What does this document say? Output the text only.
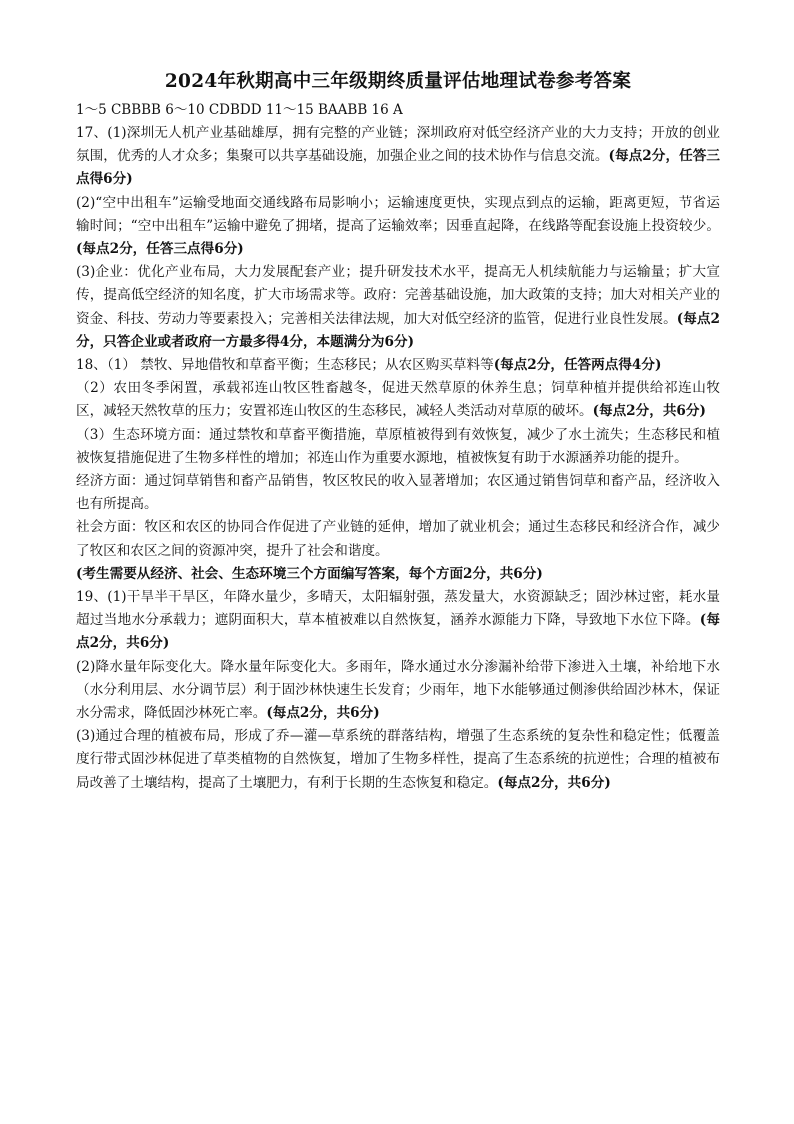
2024年秋期高中三年级期终质量评估地理试卷参考答案
1～5 CBBBB 6～10 CDBDD 11～15 BAABB 16 A

17、(1)深圳无人机产业基础雄厚，拥有完整的产业链；深圳政府对低空经济产业的大力支持；开放的创业氛围，优秀的人才众多；集聚可以共享基础设施，加强企业之间的技术协作与信息交流。(每点2分，任答三点得6分)

(2)“空中出租车”运输受地面交通线路布局影响小；运输速度更快，实现点到点的运输，距离更短，节省运输时间；“空中出租车”运输中避免了拥堵，提高了运输效率；因垂直起降，在线路等配套设施上投资较少。(每点2分，任答三点得6分)

(3)企业：优化产业布局，大力发展配套产业；提升研发技术水平，提高无人机续航能力与运输量；扩大宣传，提高低空经济的知名度，扩大市场需求等。政府：完善基础设施，加大政策的支持；加大对相关产业的资金、科技、劳动力等要素投入；完善相关法律法规，加大对低空经济的监管，促进行业良性发展。(每点2分，只答企业或者政府一方最多得4分，本题满分为6分)

18、（1） 禁牧、异地借牧和草畜平衡；生态移民；从农区购买草料等(每点2分，任答两点得4分)

（2）农田冬季闲置，承载祁连山牧区牲畜越冬，促进天然草原的休养生息；饲草种植并提供给祁连山牧区，减轻天然牧草的压力；安置祁连山牧区的生态移民，减轻人类活动对草原的破坏。(每点2分，共6分)

（3）生态环境方面：通过禁牧和草畜平衡措施，草原植被得到有效恢复，减少了水土流失；生态移民和植被恢复措施促进了生物多样性的增加；祁连山作为重要水源地，植被恢复有助于水源涵养功能的提升。

经济方面：通过饲草销售和畜产品销售，牧区牧民的收入显著增加；农区通过销售饲草和畜产品，经济收入也有所提高。

社会方面：牧区和农区的协同合作促进了产业链的延伸，增加了就业机会；通过生态移民和经济合作，减少了牧区和农区之间的资源冲突，提升了社会和谐度。

(考生需要从经济、社会、生态环境三个方面编写答案，每个方面2分，共6分)

19、(1)干旱半干旱区，年降水量少，多晴天，太阳辐射强，蒸发量大，水资源缺乏；固沙林过密，耗水量超过当地水分承载力；遮阴面积大，草本植被难以自然恢复，涵养水源能力下降，导致地下水位下降。(每点2分，共6分)

(2)降水量年际变化大。降水量年际变化大。多雨年，降水通过水分渗漏补给带下渗进入土壤，补给地下水（水分利用层、水分调节层）利于固沙林快速生长发育；少雨年，地下水能够通过侧渗供给固沙林木，保证水分需求，降低固沙林死亡率。(每点2分，共6分)

(3)通过合理的植被布局，形成了乔—灌—草系统的群落结构，增强了生态系统的复杂性和稳定性；低覆盖度行带式固沙林促进了草类植物的自然恢复，增加了生物多样性，提高了生态系统的抗逆性；合理的植被布局改善了土壤结构，提高了土壤肥力，有利于长期的生态恢复和稳定。(每点2分，共6分)
